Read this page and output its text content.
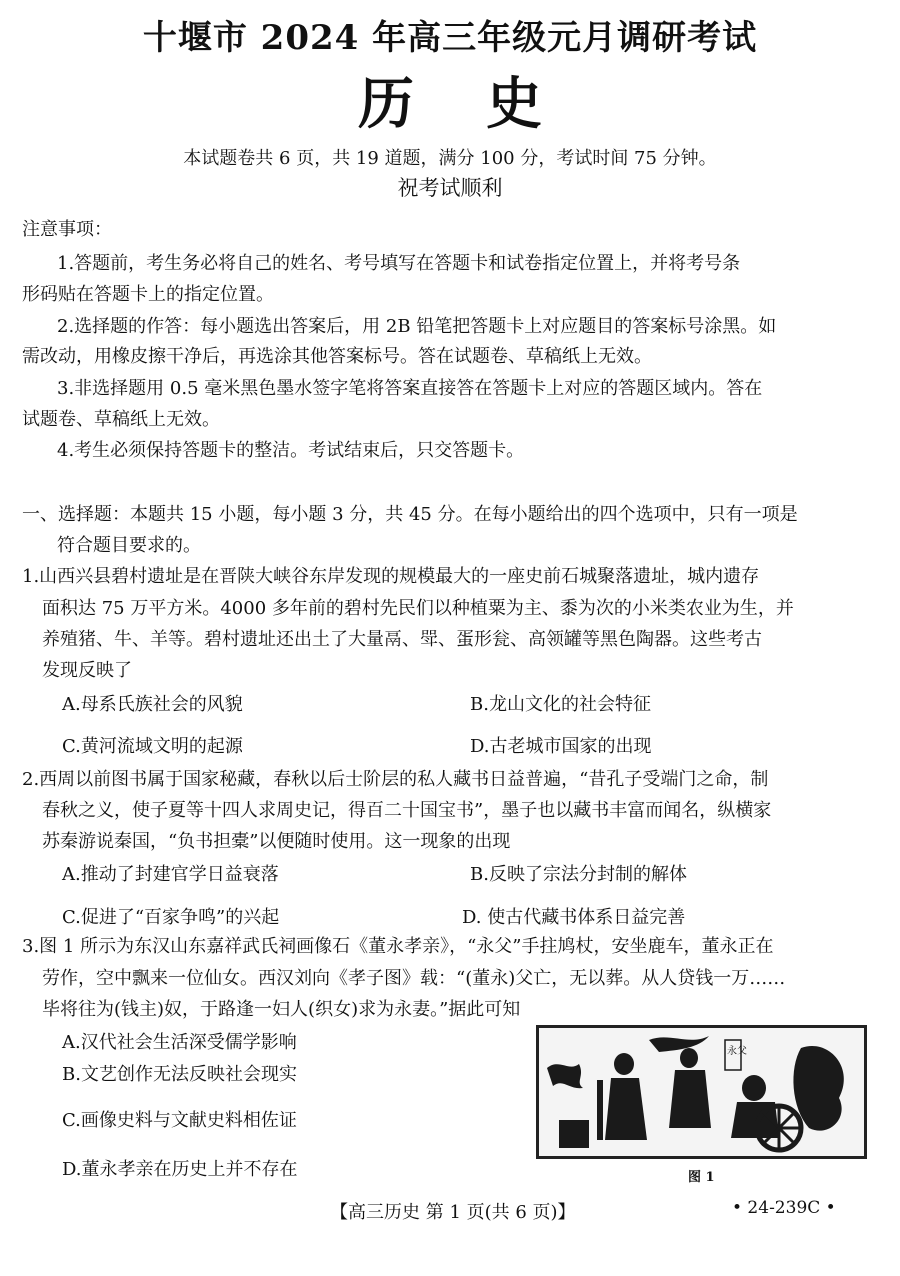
十堰市 2024 年高三年级元月调研考试
历史
本试题卷共 6 页，共 19 道题，满分 100 分，考试时间 75 分钟。
祝考试顺利
注意事项：
1.答题前，考生务必将自己的姓名、考号填写在答题卡和试卷指定位置上，并将考号条
形码贴在答题卡上的指定位置。
2.选择题的作答：每小题选出答案后，用 2B 铅笔把答题卡上对应题目的答案标号涂黑。如
需改动，用橡皮擦干净后，再选涂其他答案标号。答在试题卷、草稿纸上无效。
3.非选择题用 0.5 毫米黑色墨水签字笔将答案直接答在答题卡上对应的答题区域内。答在
试题卷、草稿纸上无效。
4.考生必须保持答题卡的整洁。考试结束后，只交答题卡。
一、选择题：本题共 15 小题，每小题 3 分，共 45 分。在每小题给出的四个选项中，只有一项是
符合题目要求的。
1.山西兴县碧村遗址是在晋陕大峡谷东岸发现的规模最大的一座史前石城聚落遗址，城内遗存
面积达 75 万平方米。4000 多年前的碧村先民们以种植粟为主、黍为次的小米类农业为生，并
养殖猪、牛、羊等。碧村遗址还出土了大量鬲、斝、蛋形瓮、高领罐等黑色陶器。这些考古
发现反映了
A.母系氏族社会的风貌	B.龙山文化的社会特征
C.黄河流域文明的起源	D.古老城市国家的出现
2.西周以前图书属于国家秘藏，春秋以后士阶层的私人藏书日益普遍，“昔孔子受端门之命，制
春秋之义，使子夏等十四人求周史记，得百二十国宝书”，墨子也以藏书丰富而闻名，纵横家
苏秦游说秦国，“负书担橐”以便随时使用。这一现象的出现
A.推动了封建官学日益衰落	B.反映了宗法分封制的解体
C.促进了“百家争鸣”的兴起	D. 使古代藏书体系日益完善
3.图 1 所示为东汉山东嘉祥武氏祠画像石《董永孝亲》，“永父”手拄鸠杖，安坐鹿车，董永正在
劳作，空中飘来一位仙女。西汉刘向《孝子图》载：“(董永)父亡，无以葬。从人贷钱一万……
毕将往为(钱主)奴，于路逢一妇人(织女)求为永妻。”据此可知
A.汉代社会生活深受儒学影响
B.文艺创作无法反映社会现实
C.画像史料与文献史料相佐证
D.董永孝亲在历史上并不存在
永父
图 1
【高三历史 第 1 页(共 6 页)】	• 24-239C •
